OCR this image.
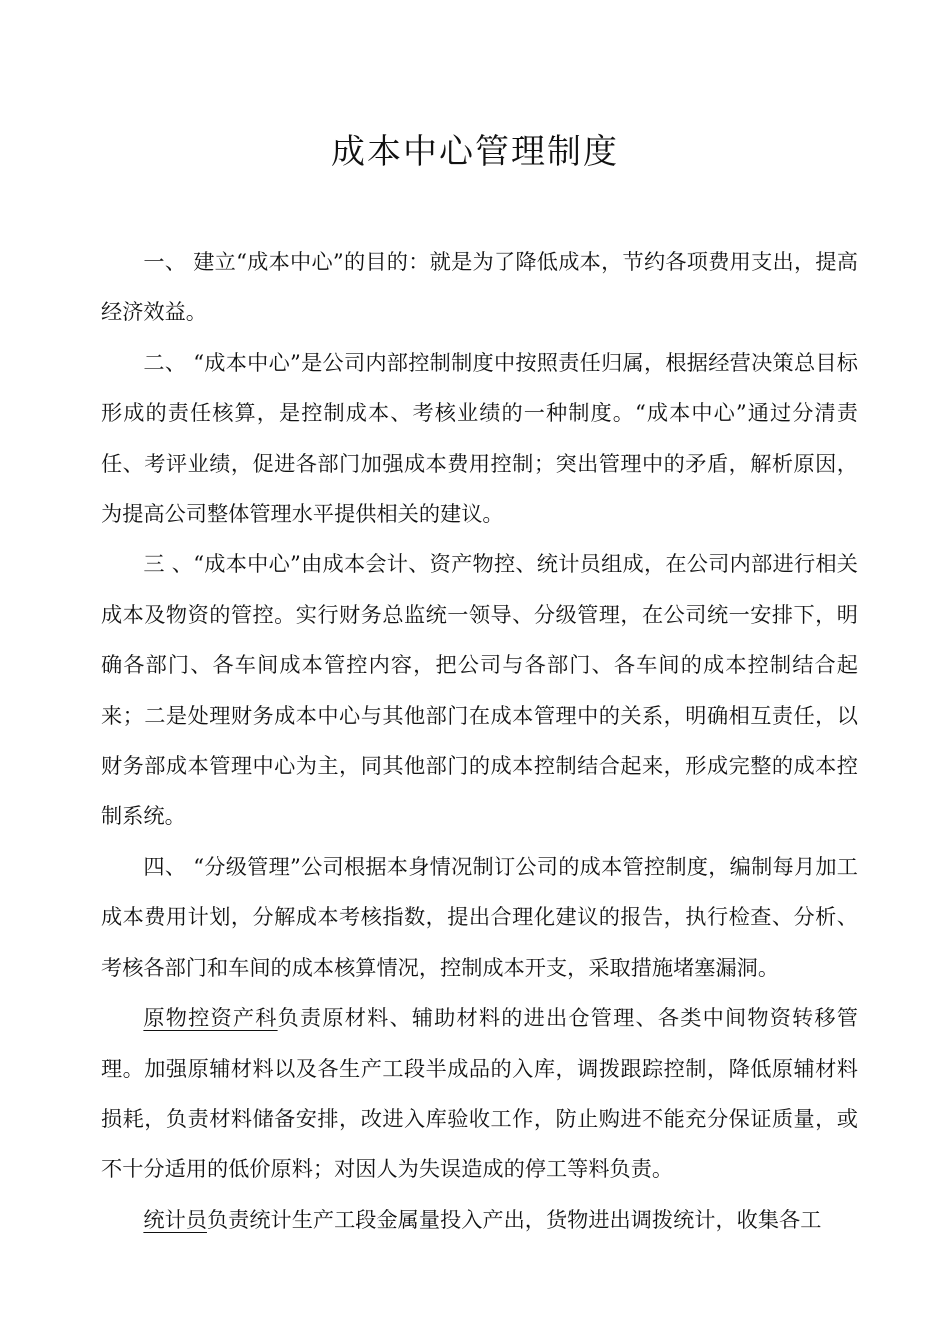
成本中心管理制度

一、 建立“成本中心”的目的：就是为了降低成本，节约各项费用支出，提高经济效益。

二、 “成本中心”是公司内部控制制度中按照责任归属，根据经营决策总目标形成的责任核算，是控制成本、考核业绩的一种制度。“成本中心”通过分清责任、考评业绩，促进各部门加强成本费用控制；突出管理中的矛盾，解析原因，为提高公司整体管理水平提供相关的建议。

三 、“成本中心”由成本会计、资产物控、统计员组成，在公司内部进行相关成本及物资的管控。实行财务总监统一领导、分级管理，在公司统一安排下，明确各部门、各车间成本管控内容，把公司与各部门、各车间的成本控制结合起来；二是处理财务成本中心与其他部门在成本管理中的关系，明确相互责任，以财务部成本管理中心为主，同其他部门的成本控制结合起来，形成完整的成本控制系统。

四、 “分级管理”公司根据本身情况制订公司的成本管控制度，编制每月加工成本费用计划，分解成本考核指数，提出合理化建议的报告，执行检查、分析、考核各部门和车间的成本核算情况，控制成本开支，采取措施堵塞漏洞。

原物控资产科负责原材料、辅助材料的进出仓管理、各类中间物资转移管理。加强原辅材料以及各生产工段半成品的入库，调拨跟踪控制，降低原辅材料损耗，负责材料储备安排，改进入库验收工作，防止购进不能充分保证质量，或不十分适用的低价原料；对因人为失误造成的停工等料负责。

统计员负责统计生产工段金属量投入产出，货物进出调拨统计，收集各工
